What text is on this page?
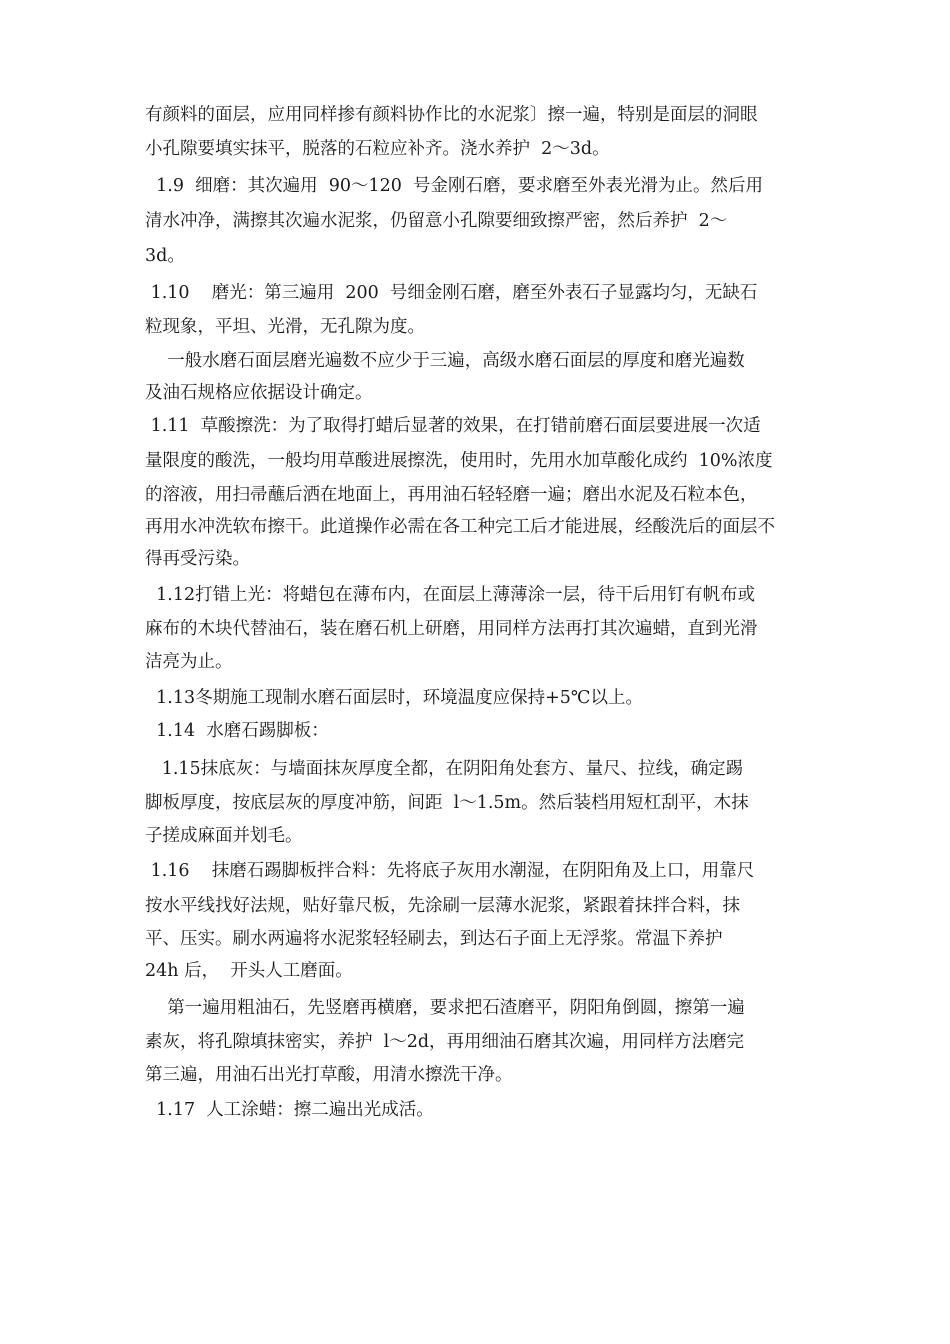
有颜料的面层，应用同样掺有颜料协作比的水泥浆〕擦一遍，特别是面层的洞眼
小孔隙要填实抹平，脱落的石粒应补齐。浇水养护  2～3d。
1.9  细磨：其次遍用  90～120  号金刚石磨，要求磨至外表光滑为止。然后用
清水冲净，满擦其次遍水泥浆，仍留意小孔隙要细致擦严密，然后养护  2～
3d。
1.10    磨光：第三遍用  200  号细金刚石磨，磨至外表石子显露均匀，无缺石
粒现象，平坦、光滑，无孔隙为度。
一般水磨石面层磨光遍数不应少于三遍，高级水磨石面层的厚度和磨光遍数
及油石规格应依据设计确定。
1.11  草酸擦洗：为了取得打蜡后显著的效果，在打错前磨石面层要进展一次适
量限度的酸洗，一般均用草酸进展擦洗，使用时，先用水加草酸化成约  10%浓度
的溶液，用扫帚蘸后洒在地面上，再用油石轻轻磨一遍；磨出水泥及石粒本色，
再用水冲洗软布擦干。此道操作必需在各工种完工后才能进展，经酸洗后的面层不
得再受污染。
1.12打错上光：将蜡包在薄布内，在面层上薄薄涂一层，待干后用钉有帆布或
麻布的木块代替油石，装在磨石机上研磨，用同样方法再打其次遍蜡，直到光滑
洁亮为止。
1.13冬期施工现制水磨石面层时，环境温度应保持+5℃以上。
1.14  水磨石踢脚板：
1.15抹底灰：与墙面抹灰厚度全都，在阴阳角处套方、量尺、拉线，确定踢
脚板厚度，按底层灰的厚度冲筋，间距  l～1.5m。然后装档用短杠刮平，木抹
子搓成麻面并划毛。
1.16    抹磨石踢脚板拌合料：先将底子灰用水潮湿，在阴阳角及上口，用靠尺
按水平线找好法规，贴好靠尺板，先涂刷一层薄水泥浆，紧跟着抹拌合料，抹
平、压实。刷水两遍将水泥浆轻轻刷去，到达石子面上无浮浆。常温下养护
24h 后，  开头人工磨面。
第一遍用粗油石，先竖磨再横磨，要求把石渣磨平，阴阳角倒圆，擦第一遍
素灰，将孔隙填抹密实，养护  l～2d，再用细油石磨其次遍，用同样方法磨完
第三遍，用油石出光打草酸，用清水擦洗干净。
1.17  人工涂蜡：擦二遍出光成活。
